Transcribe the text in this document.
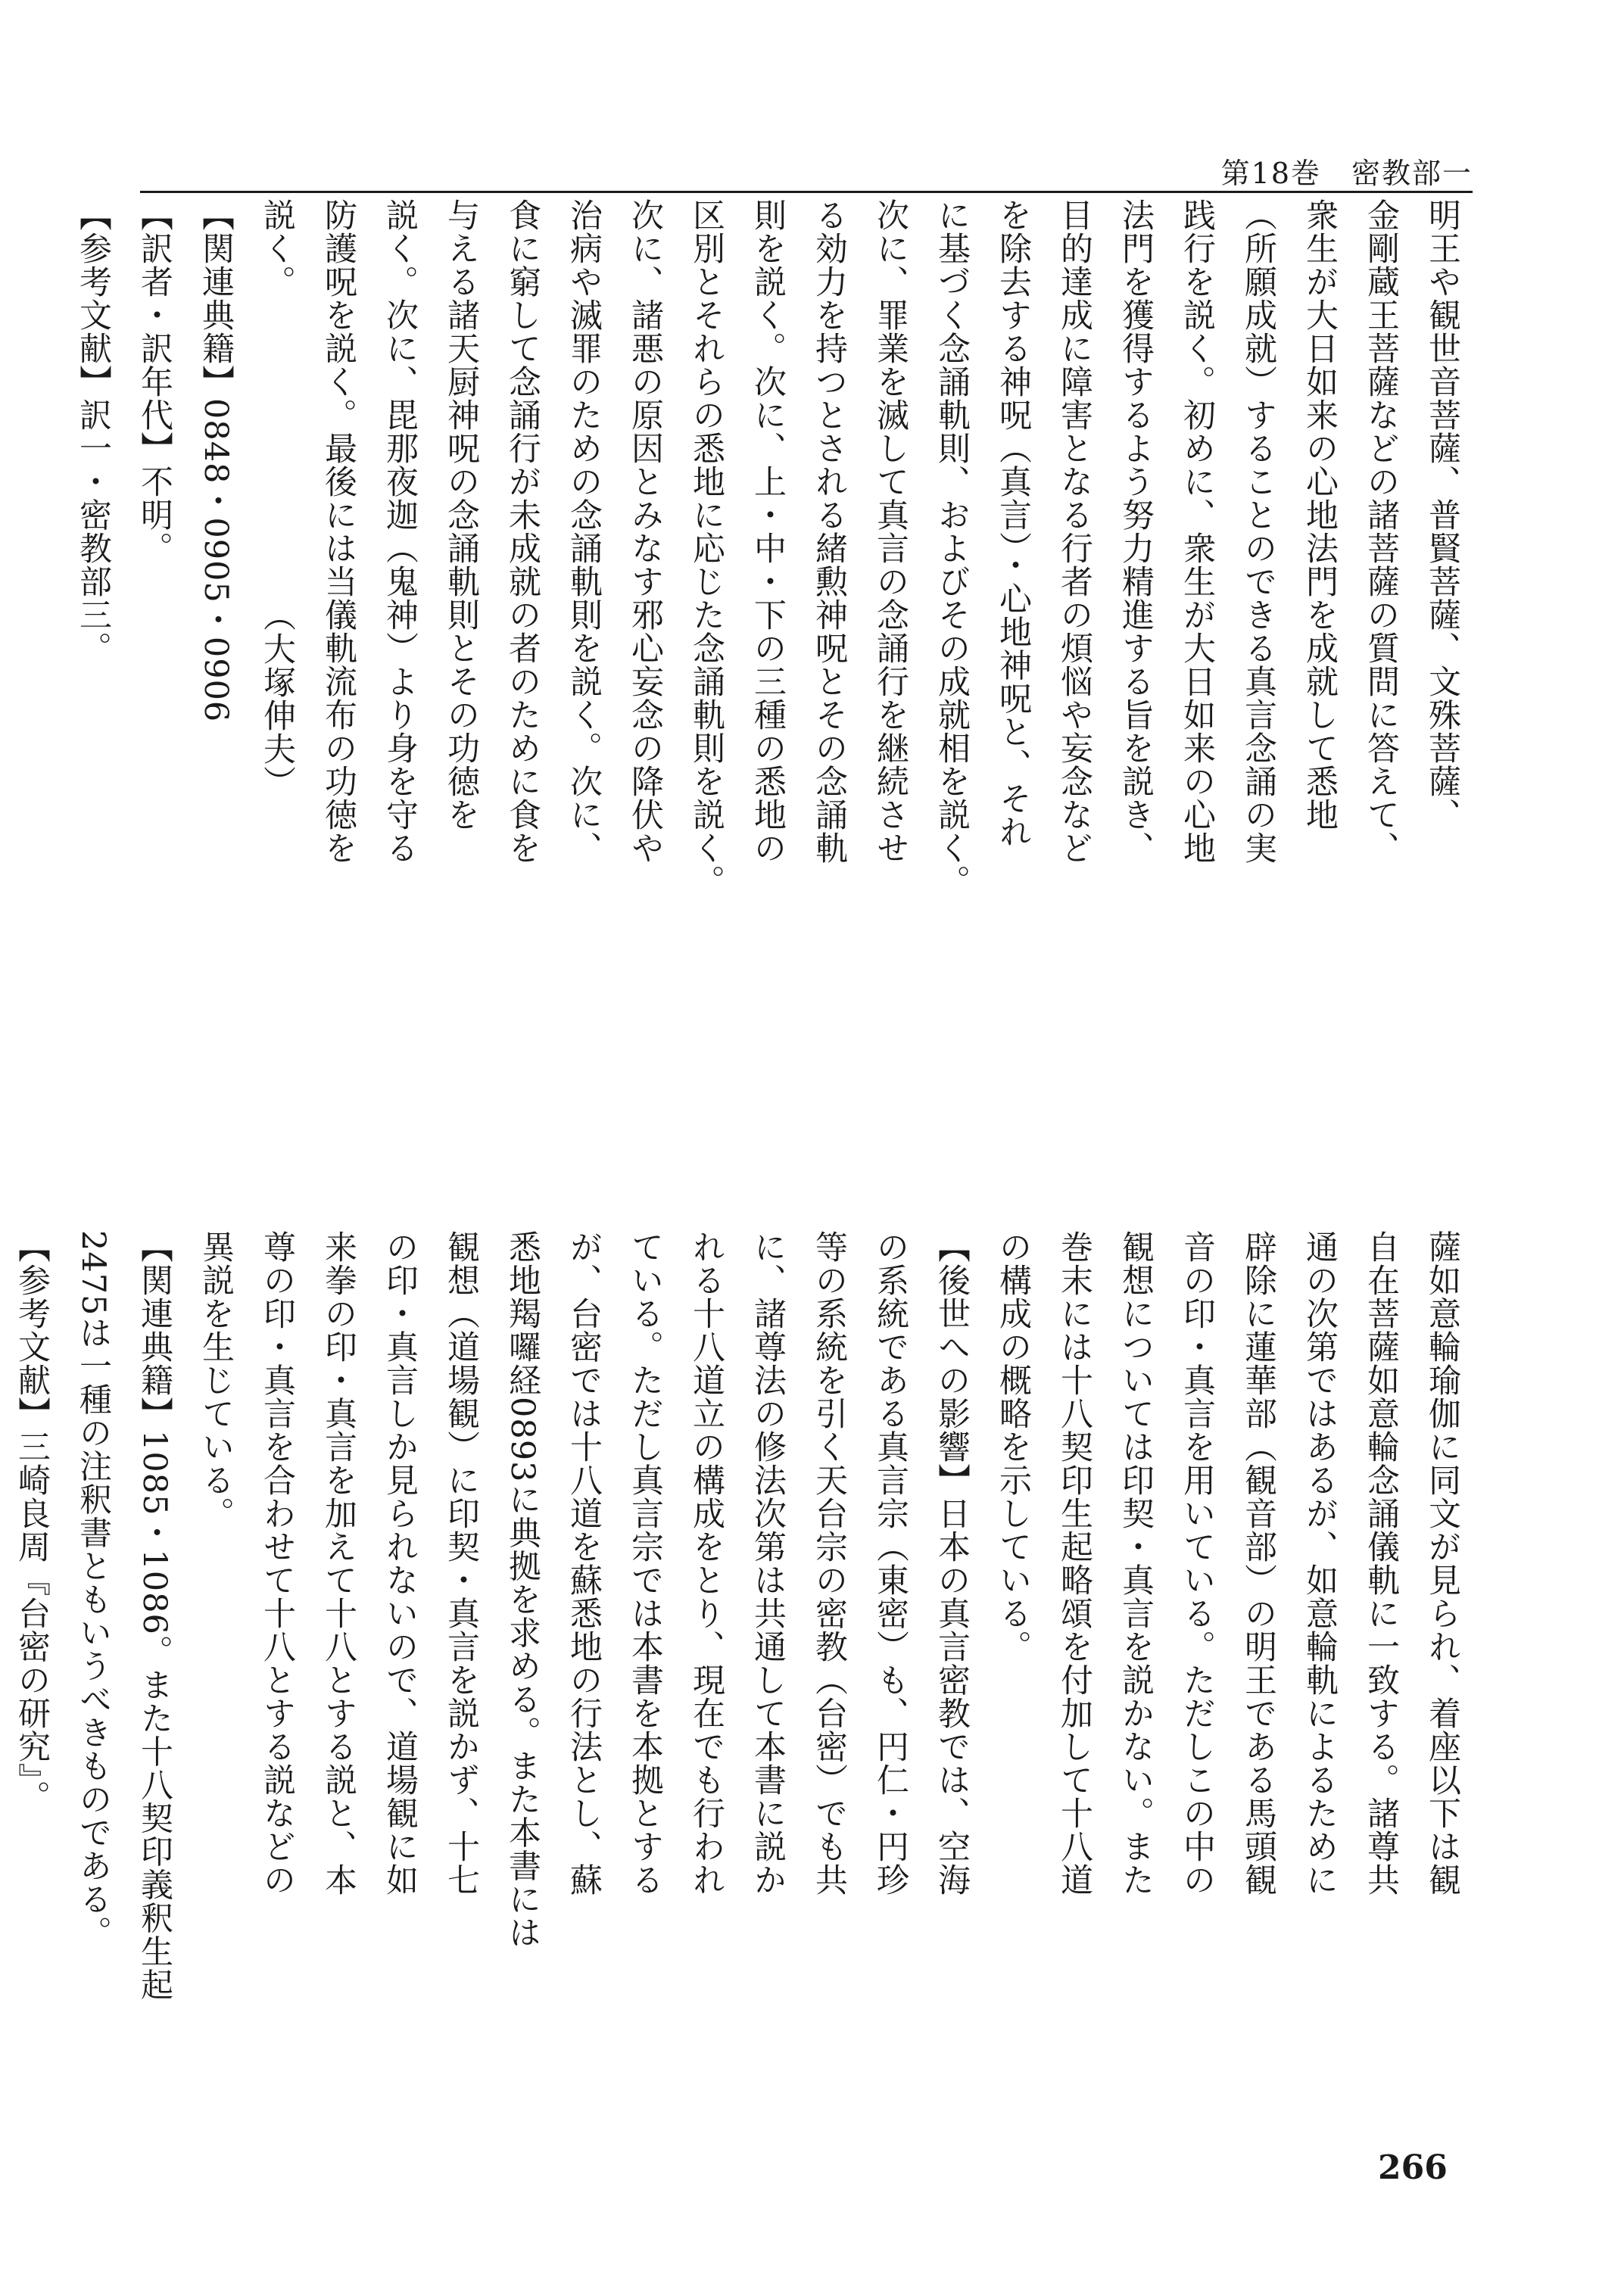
第18巻　密教部一
明王や観世音菩薩、普賢菩薩、文殊菩薩、
金剛蔵王菩薩などの諸菩薩の質問に答えて、
衆生が大日如来の心地法門を成就して悉地
（所願成就）することのできる真言念誦の実
践行を説く。初めに、衆生が大日如来の心地
法門を獲得するよう努力精進する旨を説き、
目的達成に障害となる行者の煩悩や妄念など
を除去する神呪（真言）・心地神呪と、それ
に基づく念誦軌則、およびその成就相を説く。
次に、罪業を滅して真言の念誦行を継続させ
る効力を持つとされる緒勲神呪とその念誦軌
則を説く。次に、上・中・下の三種の悉地の
区別とそれらの悉地に応じた念誦軌則を説く。
次に、諸悪の原因とみなす邪心妄念の降伏や
治病や滅罪のための念誦軌則を説く。次に、
食に窮して念誦行が未成就の者のために食を
与える諸天厨神呪の念誦軌則とその功徳を
説く。次に、毘那夜迦（鬼神）より身を守る
防護呪を説く。最後には当儀軌流布の功徳を
説く。　　　　　　　　　　（大塚伸夫）
【関連典籍】0848・0905・0906
【訳者・訳年代】不明。
【参考文献】訳一・密教部三。

薩如意輪瑜伽に同文が見られ、着座以下は観
自在菩薩如意輪念誦儀軌に一致する。諸尊共
通の次第ではあるが、如意輪軌によるために
辟除に蓮華部（観音部）の明王である馬頭観
音の印・真言を用いている。ただしこの中の
観想については印契・真言を説かない。また
巻末には十八契印生起略頌を付加して十八道
の構成の概略を示している。
【後世への影響】日本の真言密教では、空海
の系統である真言宗（東密）も、円仁・円珍
等の系統を引く天台宗の密教（台密）でも共
に、諸尊法の修法次第は共通して本書に説か
れる十八道立の構成をとり、現在でも行われ
ている。ただし真言宗では本書を本拠とする
が、台密では十八道を蘇悉地の行法とし、蘇
悉地羯囉経0893に典拠を求める。また本書には
観想（道場観）に印契・真言を説かず、十七
の印・真言しか見られないので、道場観に如
来拳の印・真言を加えて十八とする説と、本
尊の印・真言を合わせて十八とする説などの
異説を生じている。
【関連典籍】1085・1086。また十八契印義釈生起
2475は一種の注釈書ともいうべきものである。
【参考文献】三崎良周『台密の研究』。
266
